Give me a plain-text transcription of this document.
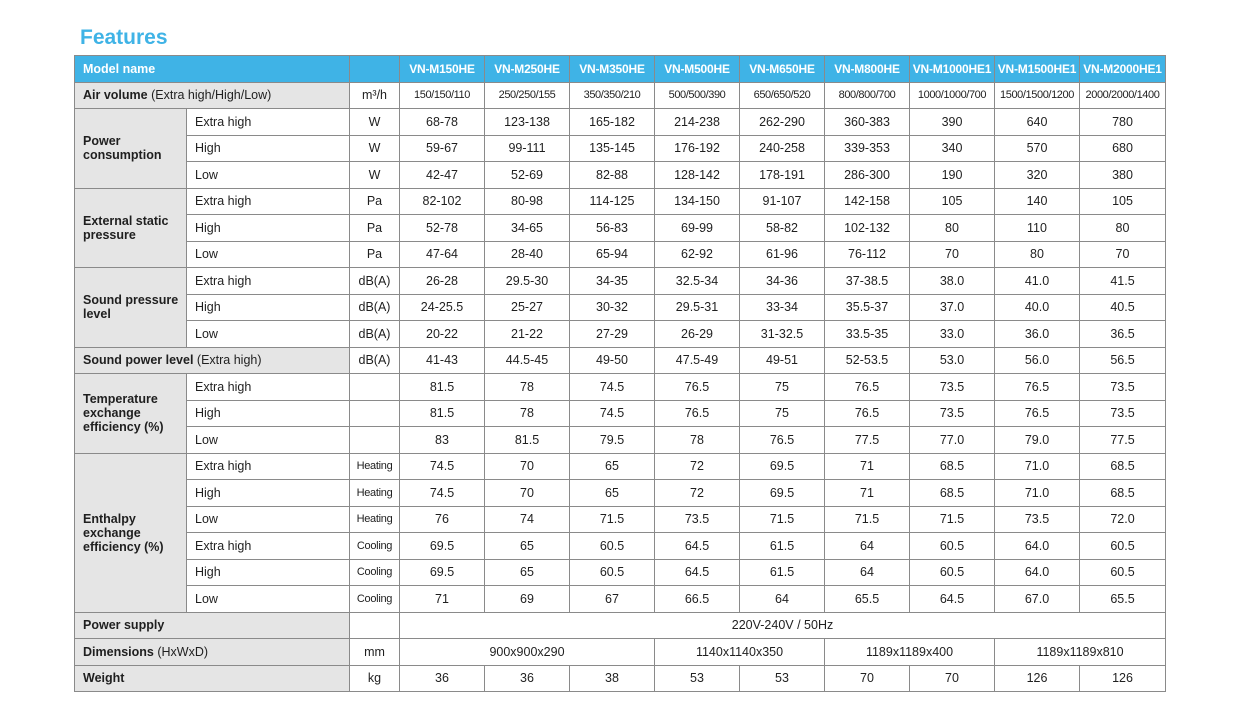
Features
Model name			VN-M150HE	VN-M250HE	VN-M350HE	VN-M500HE	VN-M650HE	VN-M800HE	VN-M1000HE1	VN-M1500HE1	VN-M2000HE1
Air volume (Extra high/High/Low)		m³/h	150/150/110	250/250/155	350/350/210	500/500/390	650/650/520	800/800/700	1000/1000/700	1500/1500/1200	2000/2000/1400
Power consumption	Extra high	W	68-78	123-138	165-182	214-238	262-290	360-383	390	640	780
	High	W	59-67	99-111	135-145	176-192	240-258	339-353	340	570	680
	Low	W	42-47	52-69	82-88	128-142	178-191	286-300	190	320	380
External static pressure	Extra high	Pa	82-102	80-98	114-125	134-150	91-107	142-158	105	140	105
	High	Pa	52-78	34-65	56-83	69-99	58-82	102-132	80	110	80
	Low	Pa	47-64	28-40	65-94	62-92	61-96	76-112	70	80	70
Sound pressure level	Extra high	dB(A)	26-28	29.5-30	34-35	32.5-34	34-36	37-38.5	38.0	41.0	41.5
	High	dB(A)	24-25.5	25-27	30-32	29.5-31	33-34	35.5-37	37.0	40.0	40.5
	Low	dB(A)	20-22	21-22	27-29	26-29	31-32.5	33.5-35	33.0	36.0	36.5
Sound power level (Extra high)		dB(A)	41-43	44.5-45	49-50	47.5-49	49-51	52-53.5	53.0	56.0	56.5
Temperature exchange efficiency (%)	Extra high		81.5	78	74.5	76.5	75	76.5	73.5	76.5	73.5
	High		81.5	78	74.5	76.5	75	76.5	73.5	76.5	73.5
	Low		83	81.5	79.5	78	76.5	77.5	77.0	79.0	77.5
Enthalpy exchange efficiency (%)	Extra high	Heating	74.5	70	65	72	69.5	71	68.5	71.0	68.5
	High	Heating	74.5	70	65	72	69.5	71	68.5	71.0	68.5
	Low	Heating	76	74	71.5	73.5	71.5	71.5	71.5	73.5	72.0
	Extra high	Cooling	69.5	65	60.5	64.5	61.5	64	60.5	64.0	60.5
	High	Cooling	69.5	65	60.5	64.5	61.5	64	60.5	64.0	60.5
	Low	Cooling	71	69	67	66.5	64	65.5	64.5	67.0	65.5
Power supply			220V-240V / 50Hz								
Dimensions (HxWxD)		mm	900x900x290			1140x1140x350		1189x1189x400		1189x1189x810	
Weight		kg	36	36	38	53	53	70	70	126	126
